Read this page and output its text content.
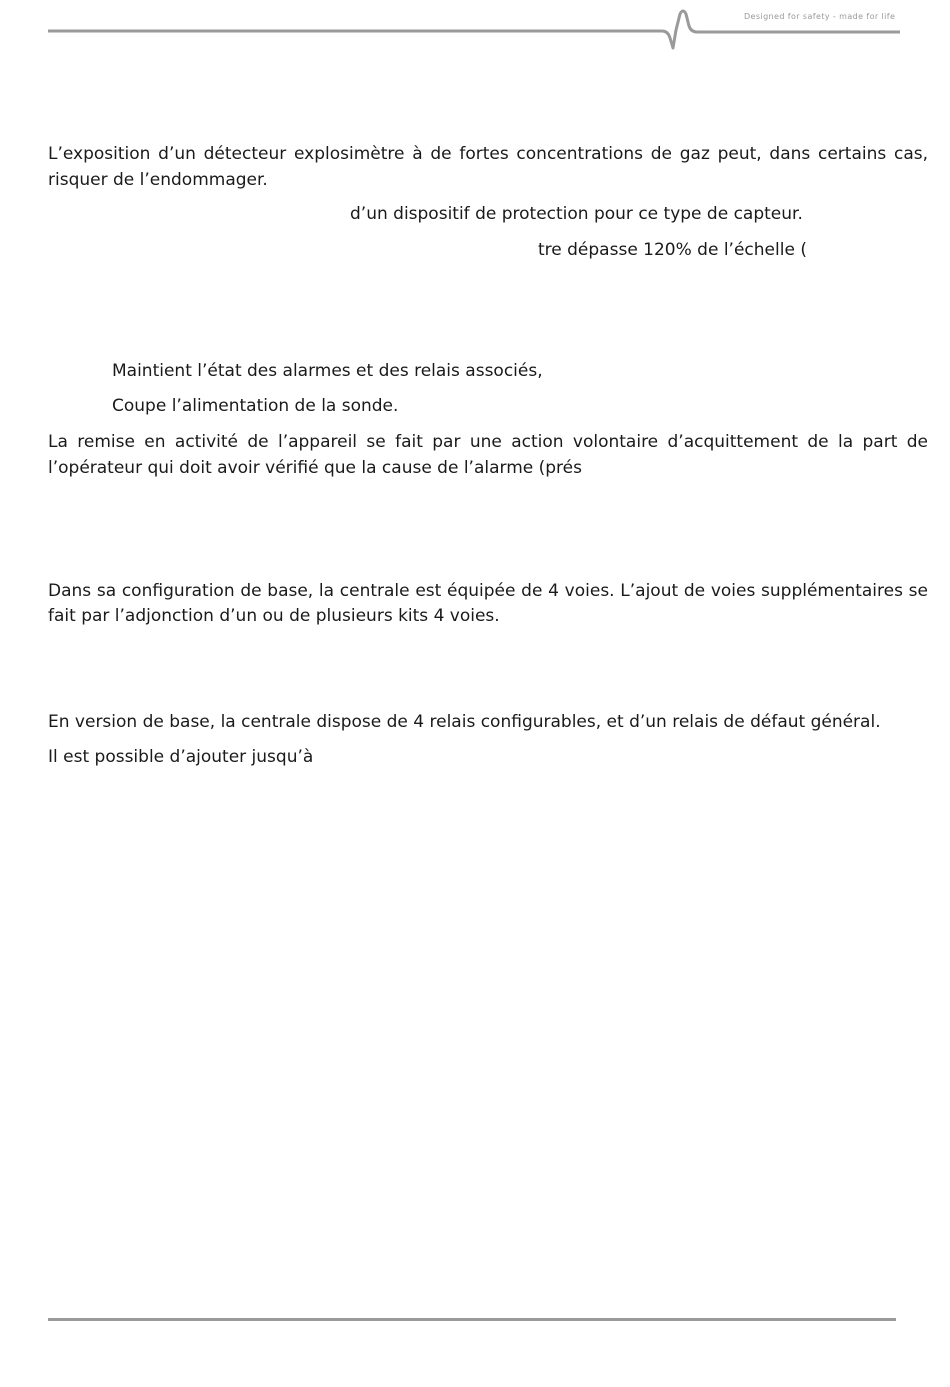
Designed for safety - made for life
L’exposition d’un détecteur explosimètre à de fortes concentrations de gaz peut, dans certains cas,
risquer de l’endommager.
d’un dispositif de protection pour ce type de capteur.
tre dépasse 120% de l’échelle (
Maintient l’état des alarmes et des relais associés,
Coupe l’alimentation de la sonde.
La remise en activité de l’appareil se fait par une action volontaire d’acquittement de la part de
l’opérateur qui doit avoir vérifié que la cause de l’alarme (prés
Dans sa configuration de base, la centrale est équipée de 4 voies. L’ajout de voies supplémentaires se
fait par l’adjonction d’un ou de plusieurs kits 4 voies.
En version de base, la centrale dispose de 4 relais configurables, et d’un relais de défaut général.
Il est possible d’ajouter jusqu’à
